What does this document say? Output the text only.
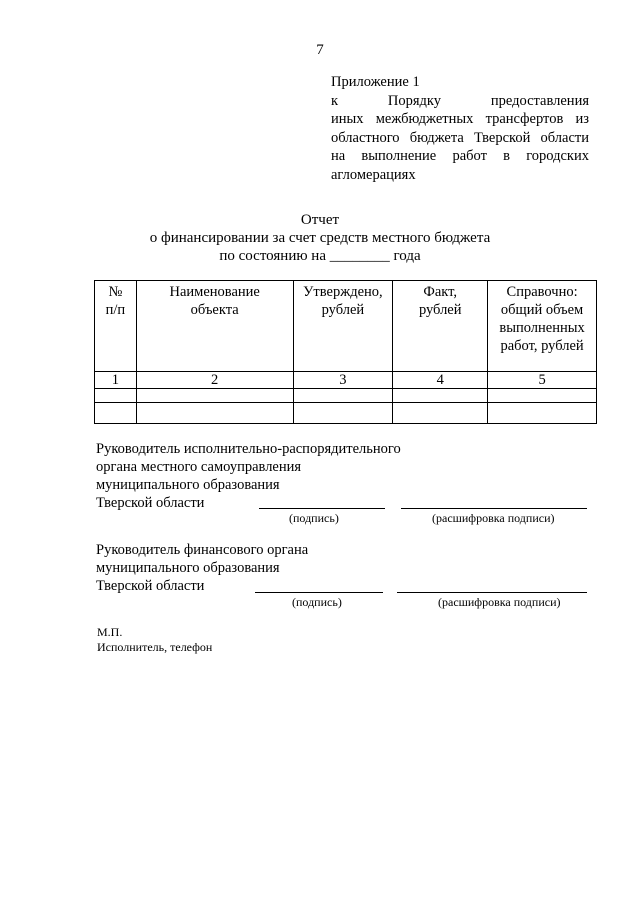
7
Приложение 1
к Порядку предоставления
иных межбюджетных трансфертов из
областного бюджета Тверской области
на выполнение работ в городских
агломерациях
Отчет
о финансировании за счет средств местного бюджета
по состоянию на ________ года
№ п/п	Наименование объекта	Утверждено, рублей	Факт, рублей	Справочно: общий объем выполненных работ, рублей

1	2	3	4	5

Руководитель исполнительно-распорядительного
органа местного самоуправления
муниципального образования
Тверской области
(подпись)	(расшифровка подписи)
Руководитель финансового органа
муниципального образования
Тверской области
(подпись)	(расшифровка подписи)
М.П.
Исполнитель, телефон
